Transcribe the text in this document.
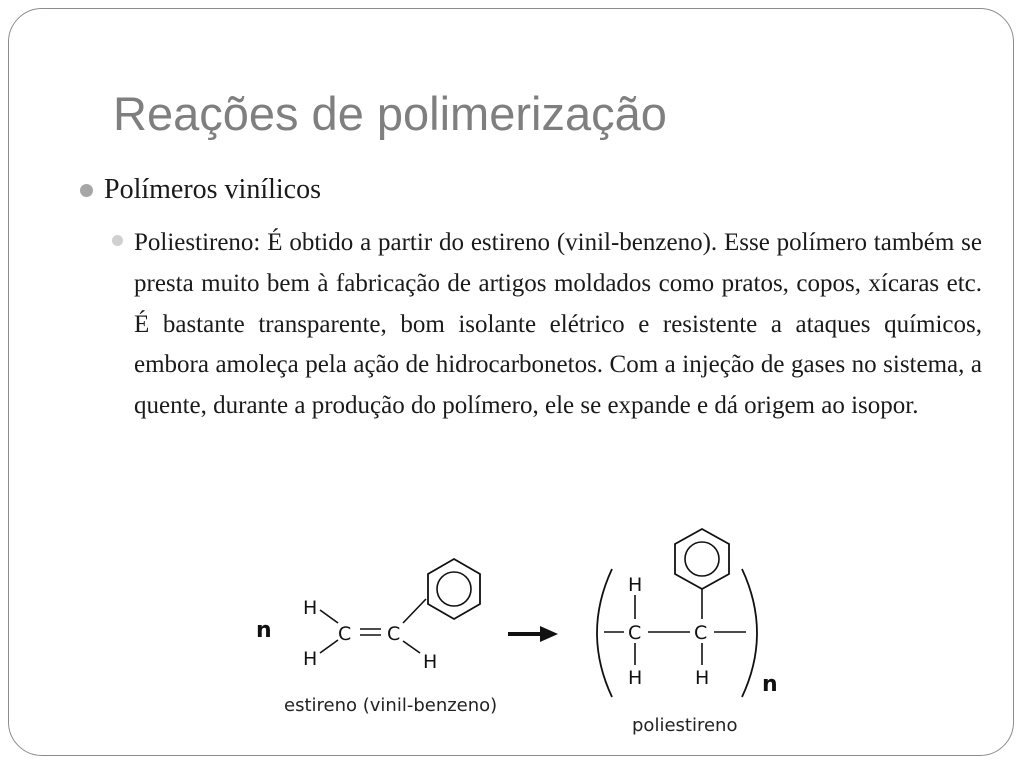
Reações de polimerização
Polímeros vinílicos

Poliestireno: É obtido a partir do estireno (vinil-benzeno). Esse polímero também se presta muito bem à fabricação de artigos moldados como pratos, copos, xícaras etc. É bastante transparente, bom isolante elétrico e resistente a ataques químicos, embora amoleça pela ação de hidrocarbonetos. Com a injeção de gases no sistema, a quente, durante a produção do polímero, ele se expande e dá origem ao isopor.

n
H
H
C C
H
estireno (vinil-benzeno)
H
C	C
H	H n
poliestireno
